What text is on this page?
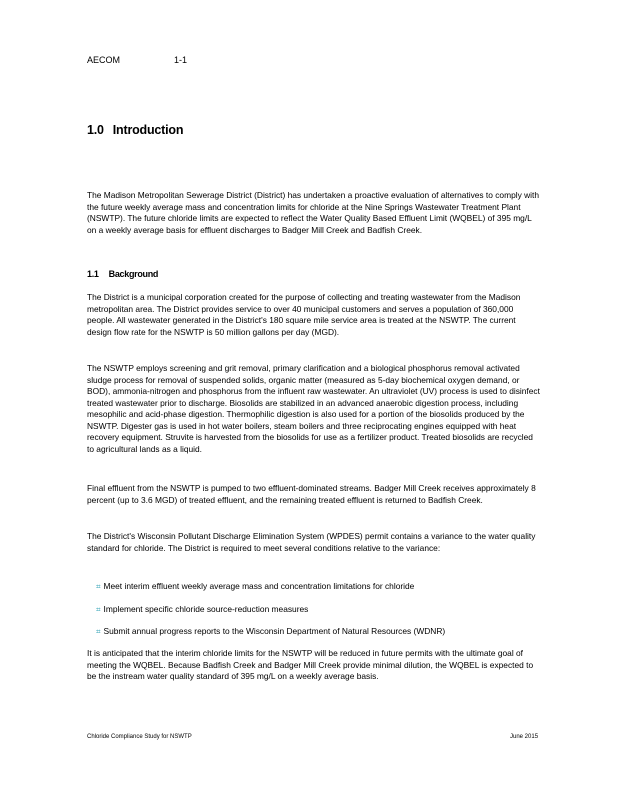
AECOM	1-1
1.0 Introduction

The Madison Metropolitan Sewerage District (District) has undertaken a proactive evaluation of alternatives to comply with the future weekly average mass and concentration limits for chloride at the Nine Springs Wastewater Treatment Plant (NSWTP). The future chloride limits are expected to reflect the Water Quality Based Effluent Limit (WQBEL) of 395 mg/L on a weekly average basis for effluent discharges to Badger Mill Creek and Badfish Creek.

1.1 Background

The District is a municipal corporation created for the purpose of collecting and treating wastewater from the Madison metropolitan area. The District provides service to over 40 municipal customers and serves a population of 360,000 people. All wastewater generated in the District's 180 square mile service area is treated at the NSWTP. The current design flow rate for the NSWTP is 50 million gallons per day (MGD).

The NSWTP employs screening and grit removal, primary clarification and a biological phosphorus removal activated sludge process for removal of suspended solids, organic matter (measured as 5-day biochemical oxygen demand, or BOD), ammonia-nitrogen and phosphorus from the influent raw wastewater. An ultraviolet (UV) process is used to disinfect treated wastewater prior to discharge. Biosolids are stabilized in an advanced anaerobic digestion process, including mesophilic and acid-phase digestion. Thermophilic digestion is also used for a portion of the biosolids produced by the NSWTP. Digester gas is used in hot water boilers, steam boilers and three reciprocating engines equipped with heat recovery equipment. Struvite is harvested from the biosolids for use as a fertilizer product. Treated biosolids are recycled to agricultural lands as a liquid.

Final effluent from the NSWTP is pumped to two effluent-dominated streams. Badger Mill Creek receives approximately 8 percent (up to 3.6 MGD) of treated effluent, and the remaining treated effluent is returned to Badfish Creek.

The District's Wisconsin Pollutant Discharge Elimination System (WPDES) permit contains a variance to the water quality standard for chloride. The District is required to meet several conditions relative to the variance:

⌗ Meet interim effluent weekly average mass and concentration limitations for chloride
⌗ Implement specific chloride source-reduction measures
⌗ Submit annual progress reports to the Wisconsin Department of Natural Resources (WDNR)

It is anticipated that the interim chloride limits for the NSWTP will be reduced in future permits with the ultimate goal of meeting the WQBEL. Because Badfish Creek and Badger Mill Creek provide minimal dilution, the WQBEL is expected to be the instream water quality standard of 395 mg/L on a weekly average basis.

Chloride Compliance Study for NSWTP	June 2015
